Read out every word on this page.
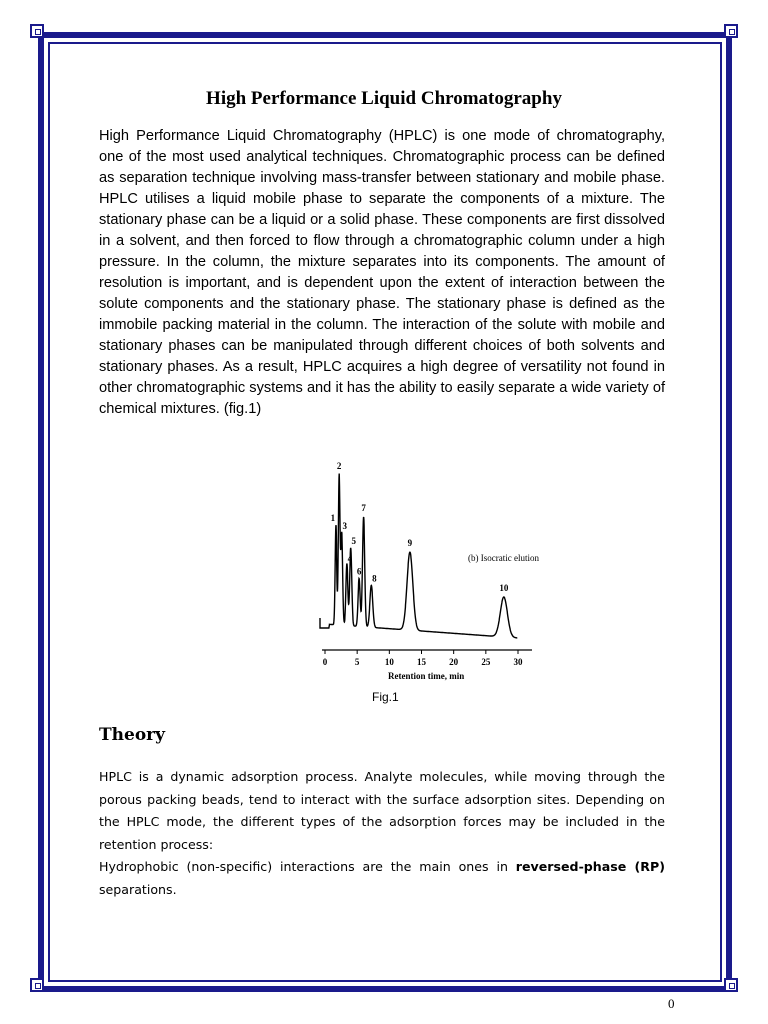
High Performance Liquid Chromatography

High Performance Liquid Chromatography (HPLC) is one mode of chromatography, one of the most used analytical techniques. Chromatographic process can be defined as separation technique involving mass-transfer between stationary and mobile phase. HPLC utilises a liquid mobile phase to separate the components of a mixture. The stationary phase can be a liquid or a solid phase. These components are first dissolved in a solvent, and then forced to flow through a chromatographic column under a high pressure. In the column, the mixture separates into its components. The amount of resolution is important, and is dependent upon the extent of interaction between the solute components and the stationary phase. The stationary phase is defined as the immobile packing material in the column. The interaction of the solute with mobile and stationary phases can be manipulated through different choices of both solvents and stationary phases. As a result, HPLC acquires a high degree of versatility not found in other chromatographic systems and it has the ability to easily separate a wide variety of chemical mixtures. (fig.1)

0	5	10	15	20	25	30
1
2
3
4
5
6
7
8
9
10
(b) Isocratic elution
Retention time, min
Fig.1
Theory

HPLC is a dynamic adsorption process. Analyte molecules, while moving through the porous packing beads, tend to interact with the surface adsorption sites. Depending on the HPLC mode, the different types of the adsorption forces may be included in the retention process:

Hydrophobic (non-specific) interactions are the main ones in reversed-phase (RP) separations.

0
